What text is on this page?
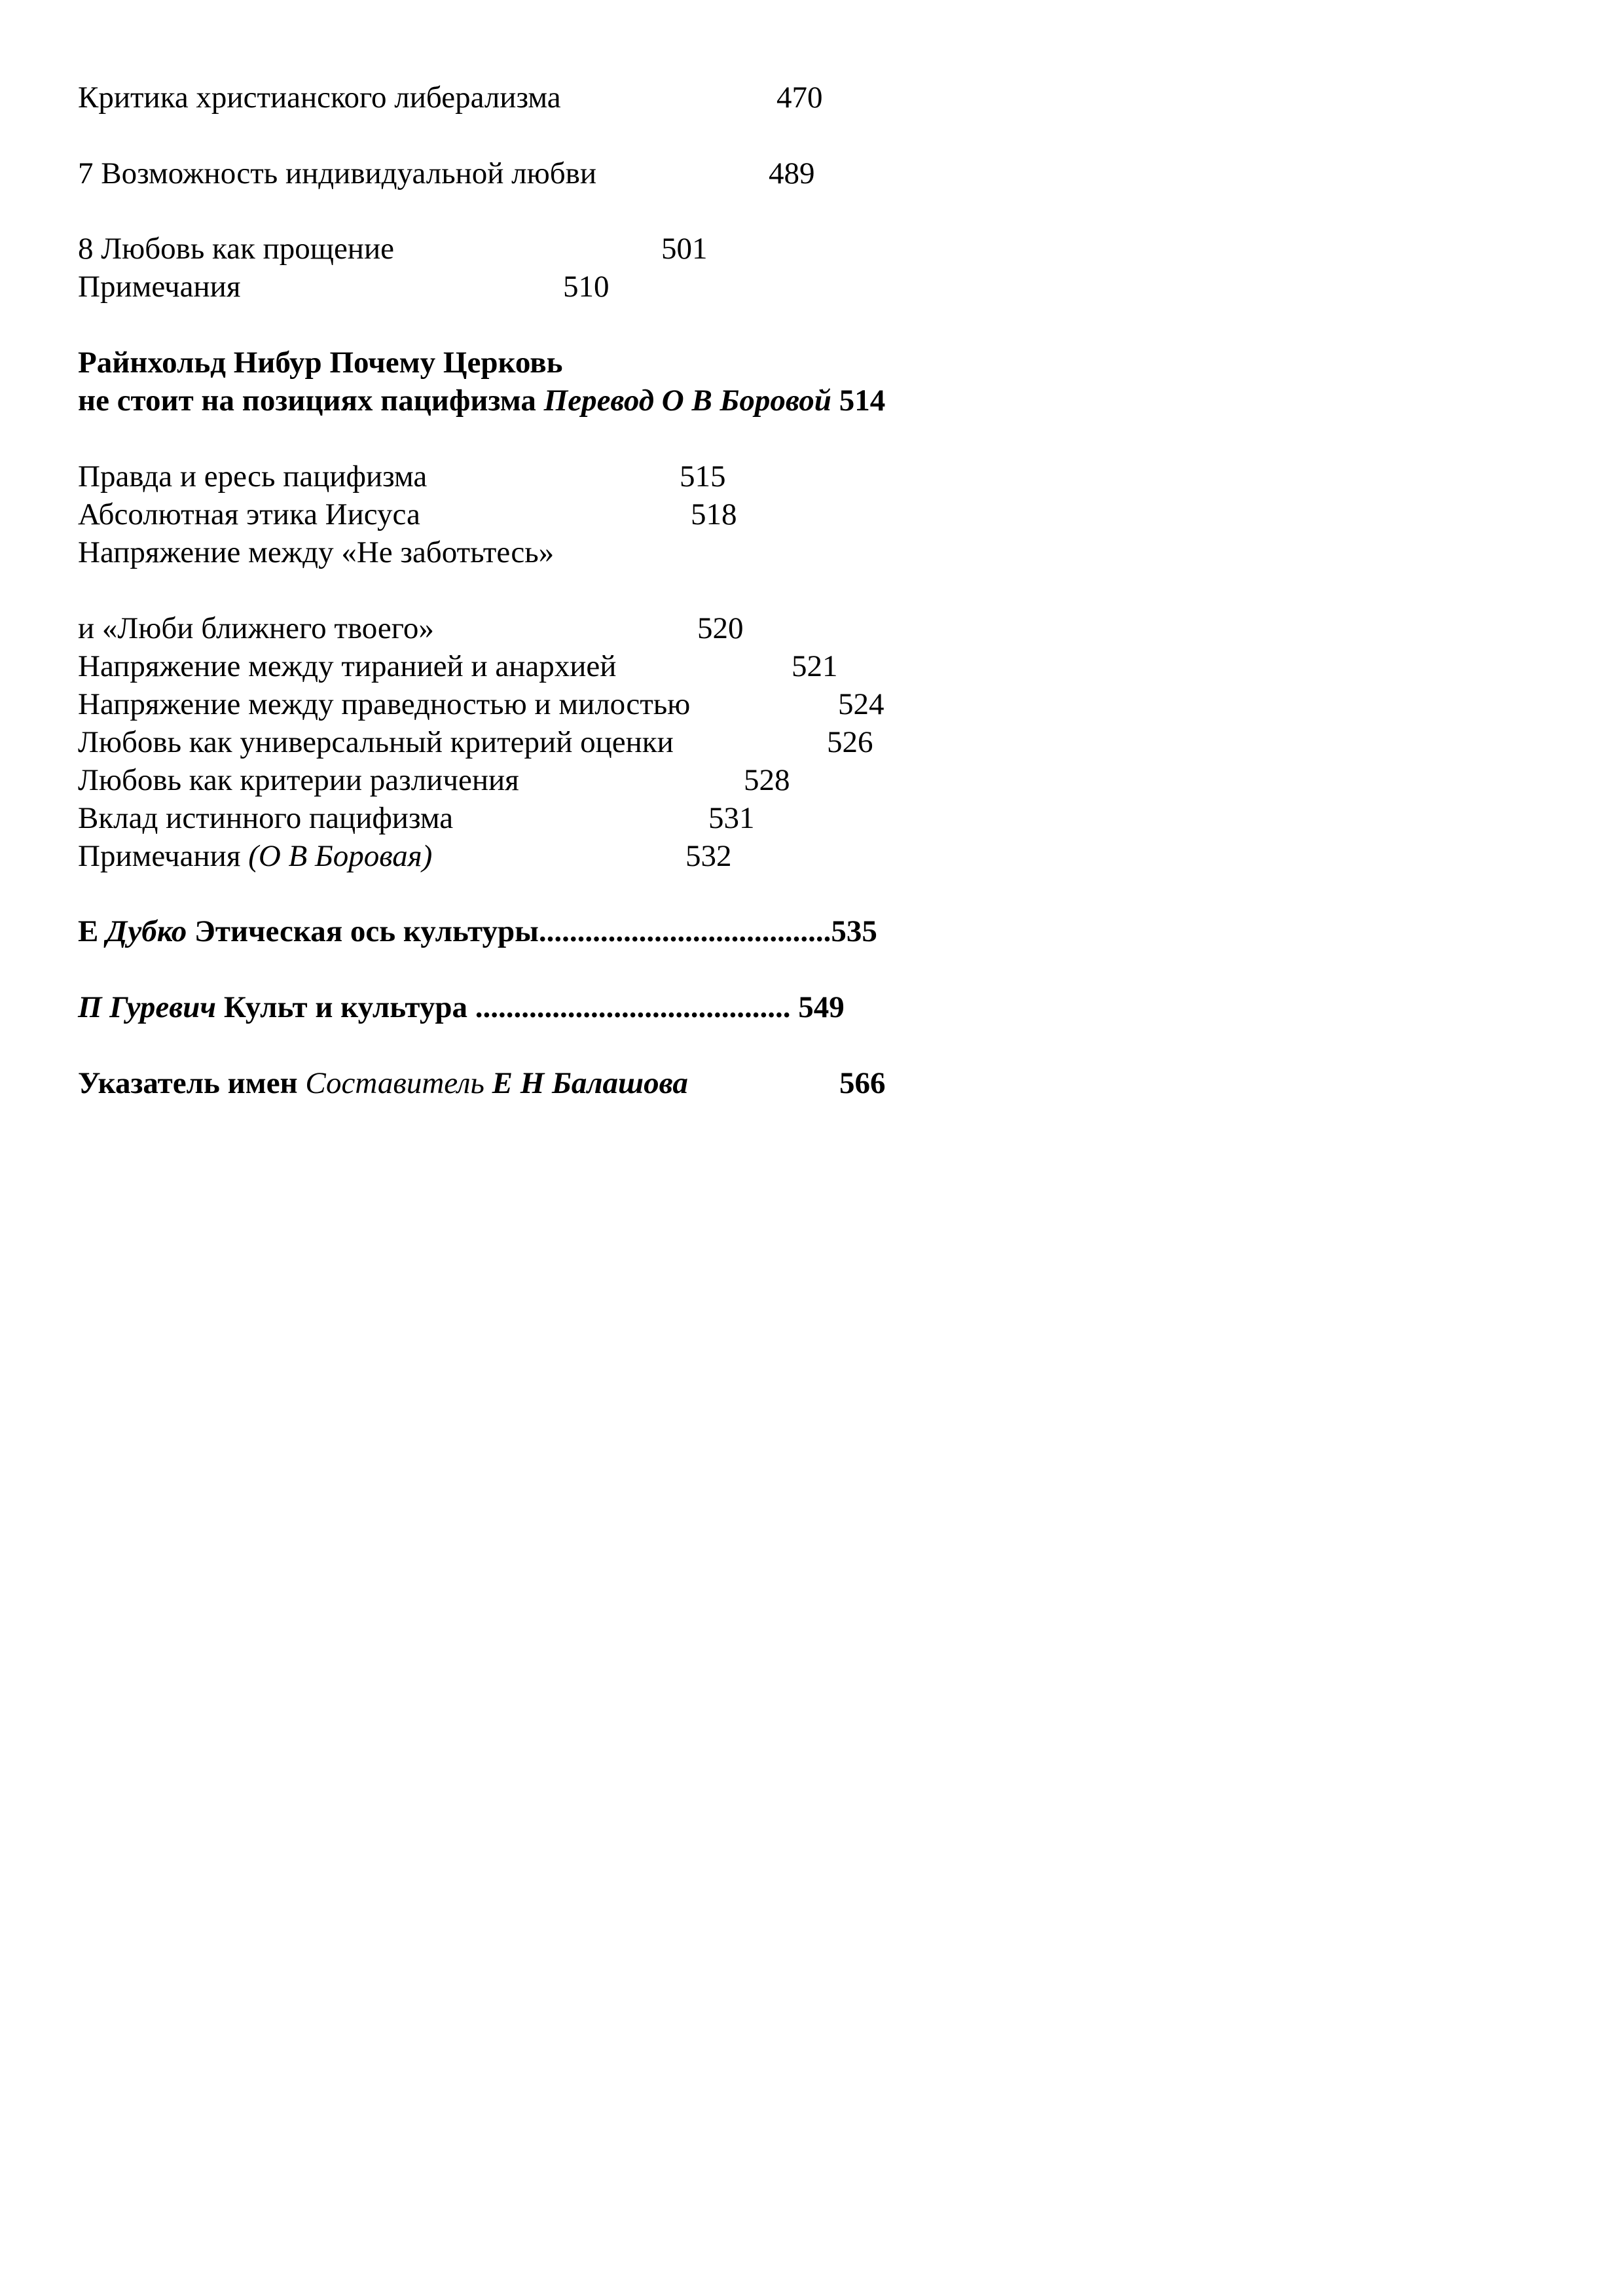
Критика христианского либерализма	470
7 Возможность индивидуальной любви	489
8 Любовь как прощение	501
Примечания	510
Райнхольд Нибур Почему Церковь
не стоит на позициях пацифизма Перевод О В Боровой 514
Правда и ересь пацифизма	515
Абсолютная этика Иисуса	518
Напряжение между «Не заботьтесь»
и «Люби ближнего твоего»	520
Напряжение между тиранией и анархией	521
Напряжение между праведностью и милостью	524
Любовь как универсальный критерий оценки	526
Любовь как критерии различения	528
Вклад истинного пацифизма	531
Примечания (О В Боровая)	532
Е Дубко Этическая ось культуры......................................535
П Гуревич Культ и культура ......................................... 549
Указатель имен Составитель Е Н Балашова	566
